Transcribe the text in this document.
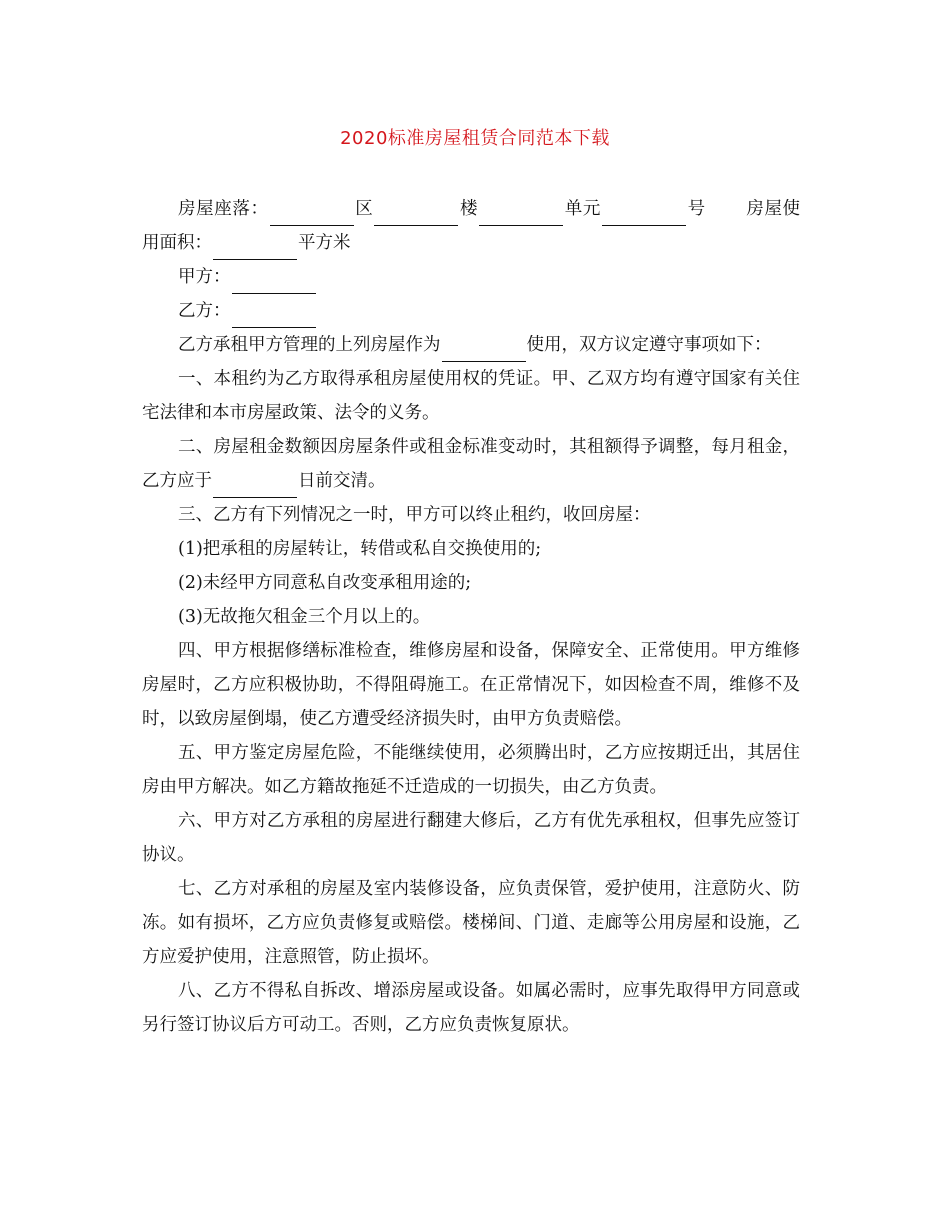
2020标准房屋租赁合同范本下载

房屋座落：	区	楼	单元	号 房屋使用面积：	平方米

甲方：

乙方：

乙方承租甲方管理的上列房屋作为	使用，双方议定遵守事项如下：

一、本租约为乙方取得承租房屋使用权的凭证。甲、乙双方均有遵守国家有关住宅法律和本市房屋政策、法令的义务。

二、房屋租金数额因房屋条件或租金标准变动时，其租额得予调整，每月租金，乙方应于	日前交清。

三、乙方有下列情况之一时，甲方可以终止租约，收回房屋：

(1)把承租的房屋转让，转借或私自交换使用的;

(2)未经甲方同意私自改变承租用途的;

(3)无故拖欠租金三个月以上的。

四、甲方根据修缮标准检查，维修房屋和设备，保障安全、正常使用。甲方维修房屋时，乙方应积极协助，不得阻碍施工。在正常情况下，如因检查不周，维修不及时，以致房屋倒塌，使乙方遭受经济损失时，由甲方负责赔偿。

五、甲方鉴定房屋危险，不能继续使用，必须腾出时，乙方应按期迁出，其居住房由甲方解决。如乙方籍故拖延不迁造成的一切损失，由乙方负责。

六、甲方对乙方承租的房屋进行翻建大修后，乙方有优先承租权，但事先应签订协议。

七、乙方对承租的房屋及室内装修设备，应负责保管，爱护使用，注意防火、防冻。如有损坏，乙方应负责修复或赔偿。楼梯间、门道、走廊等公用房屋和设施，乙方应爱护使用，注意照管，防止损坏。

八、乙方不得私自拆改、增添房屋或设备。如属必需时，应事先取得甲方同意或另行签订协议后方可动工。否则，乙方应负责恢复原状。
